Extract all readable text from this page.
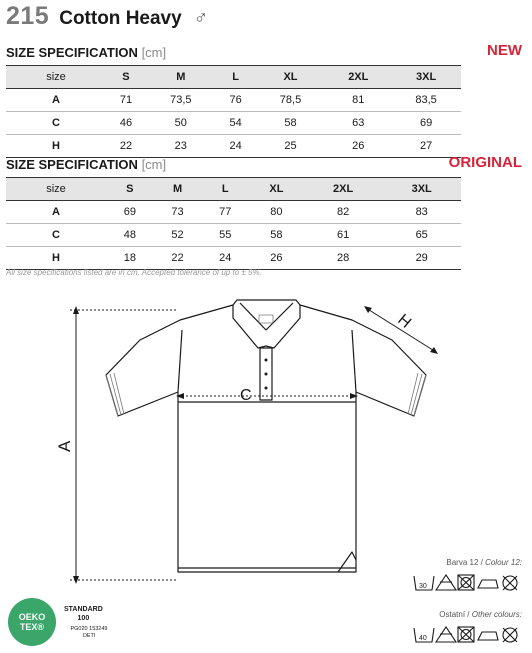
215 Cotton Heavy ♂
SIZE SPECIFICATION [cm]	NEW
size	S	M	L	XL	2XL	3XL
A	71	73,5	76	78,5	81	83,5
C	46	50	54	58	63	69
H	22	23	24	25	26	27
SIZE SPECIFICATION [cm]	ORIGINAL
size	S	M	L	XL	2XL	3XL
A	69	73	77	80	82	83
C	48	52	55	58	61	65
H	18	22	24	26	28	29
All size specifications listed are in cm. Accepted tolerance of up to ± 5%.
A
C
H
Barva 12 / Colour 12:
30
Ostatní / Other colours:
40
OEKO
TEX®
STANDARD
100
PG020 153249
OETI
